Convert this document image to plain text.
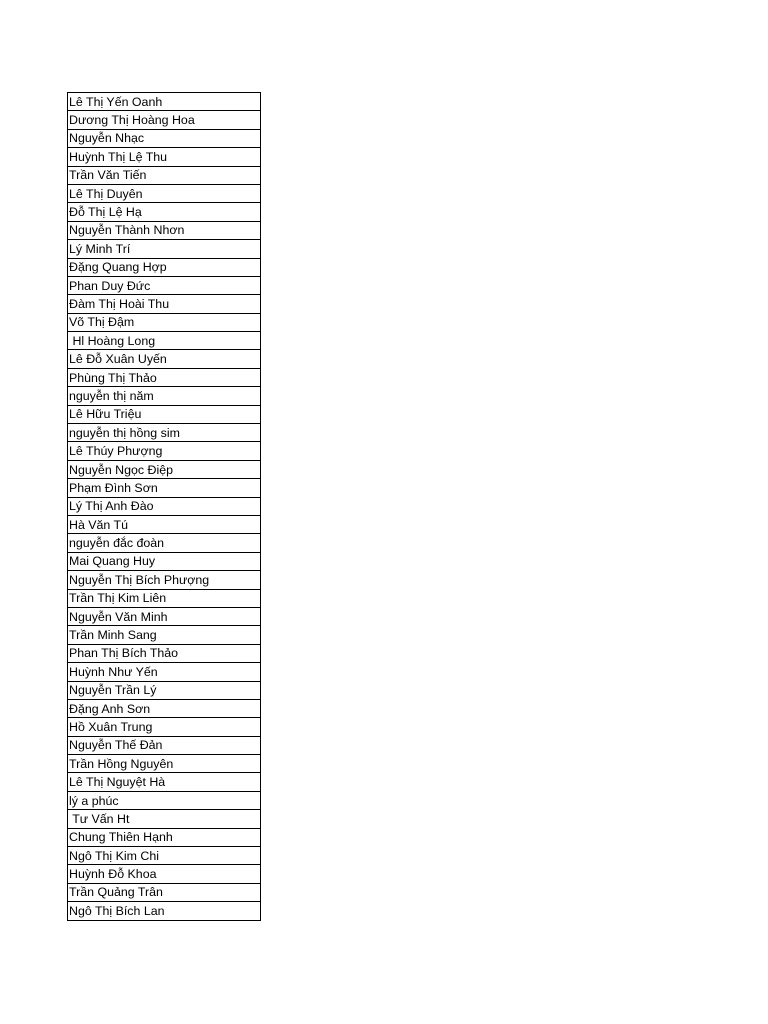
Lê Thị Yến Oanh
Dương Thị Hoàng Hoa
Nguyễn Nhạc
Huỳnh Thị Lệ Thu
Trần Văn Tiến
Lê Thị Duyên
Đỗ Thị Lệ Hạ
Nguyễn Thành Nhơn
Lý Minh Trí
Đặng Quang Hợp
Phan Duy Đức
Đàm Thị Hoài Thu
Võ Thị Đậm
Hl Hoàng Long
Lê Đỗ Xuân Uyến
Phùng Thị Thảo
nguyễn thị năm
Lê Hữu Triệu
nguyễn thị hồng sim
Lê Thúy Phượng
Nguyễn Ngọc Điệp
Phạm Đình Sơn
Lý Thị Anh Đào
Hà Văn Tú
nguyễn đắc đoàn
Mai Quang Huy
Nguyễn Thị Bích Phượng
Trần Thị Kim Liên
Nguyễn Văn Minh
Trần Minh Sang
Phan Thị Bích Thảo
Huỳnh Như Yến
Nguyễn Trần Lý
Đặng Anh Sơn
Hồ Xuân Trung
Nguyễn Thế Đản
Trần Hồng Nguyên
Lê Thị Nguyệt Hà
lý a phúc
Tư Vấn Ht
Chung Thiên Hạnh
Ngô Thị Kim Chi
Huỳnh Đỗ Khoa
Trần Quảng Trân
Ngô Thị Bích Lan
